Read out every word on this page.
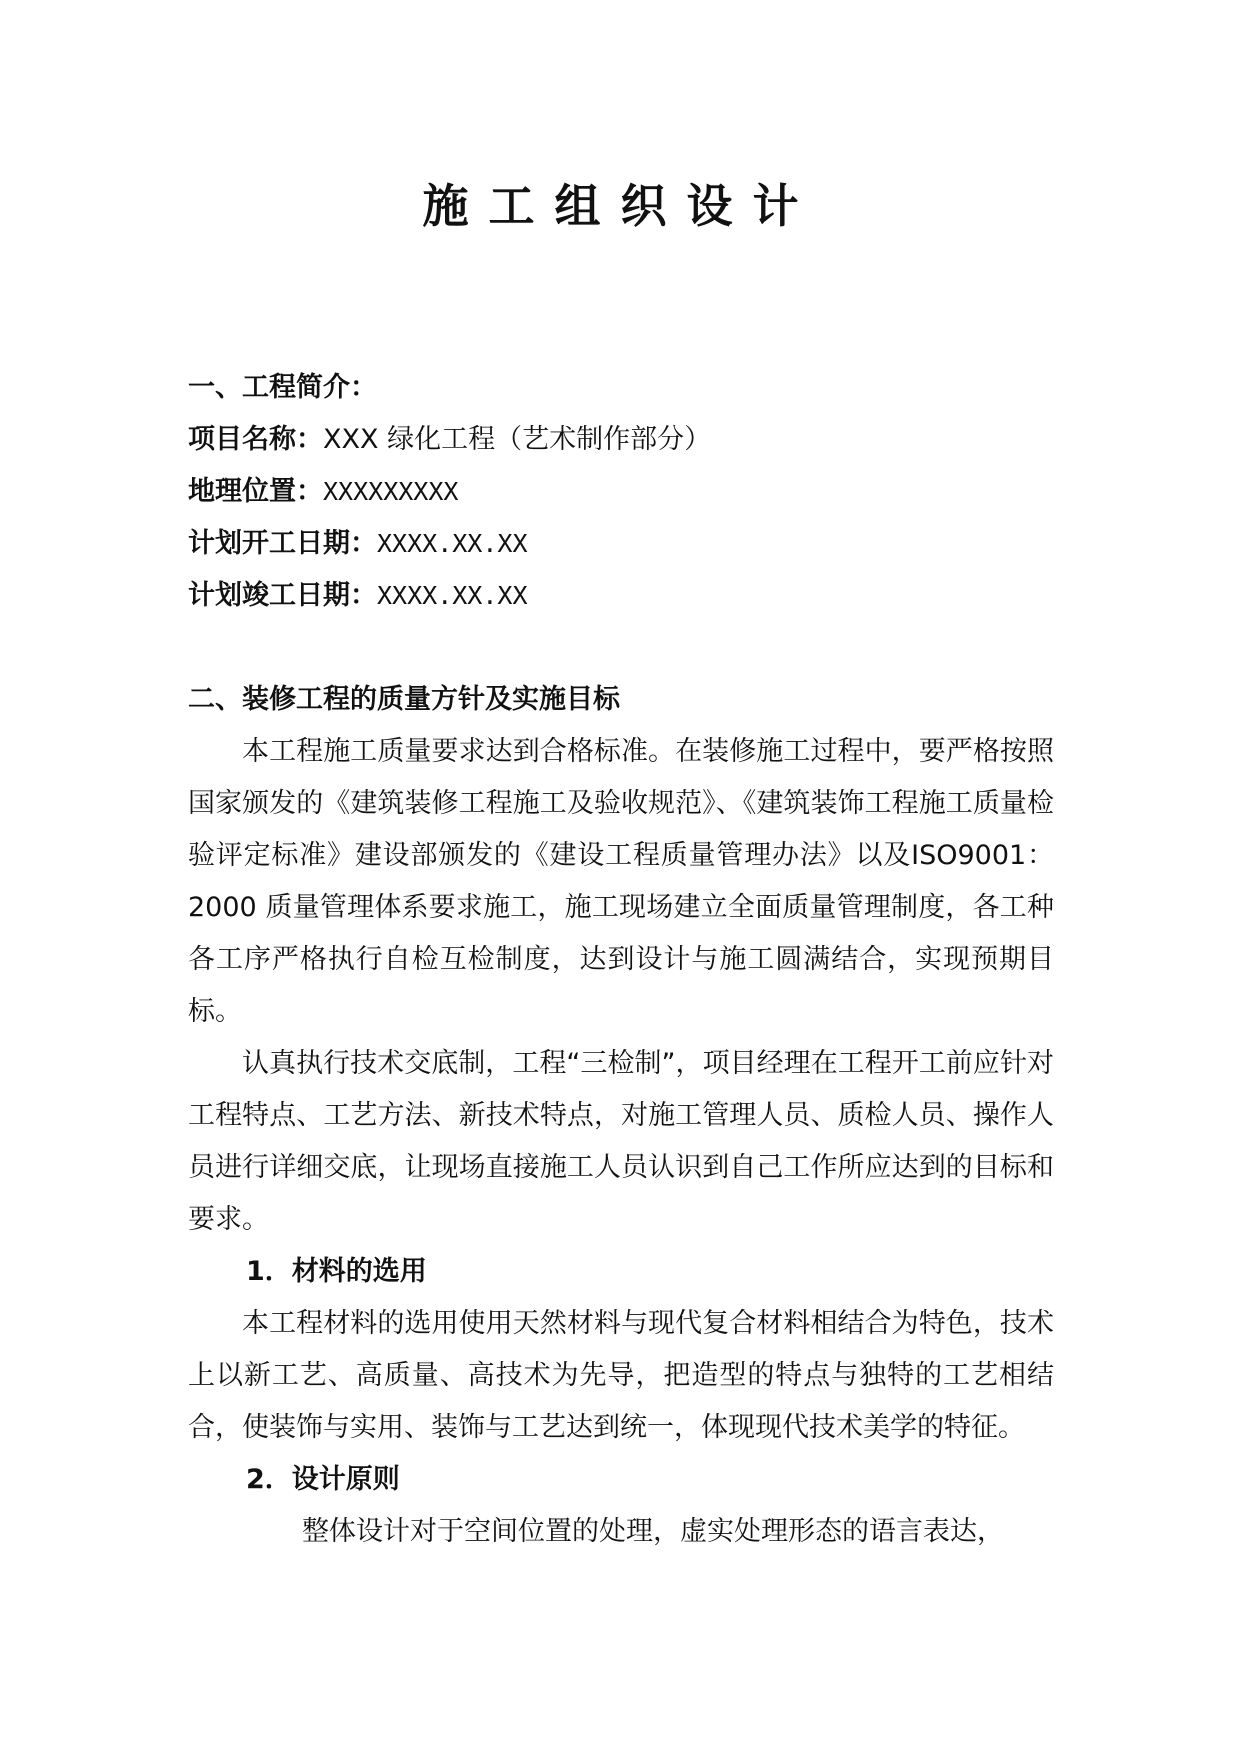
施工组织设计

一、工程简介：

项目名称：XXX 绿化工程（艺术制作部分）

地理位置：XXXXXXXXX

计划开工日期：XXXX.XX.XX

计划竣工日期：XXXX.XX.XX

二、装修工程的质量方针及实施目标

本工程施工质量要求达到合格标准。在装修施工过程中，要严格按照国家颁发的《建筑装修工程施工及验收规范》、《建筑装饰工程施工质量检验评定标准》建设部颁发的《建设工程质量管理办法》以及ISO9001：2000 质量管理体系要求施工，施工现场建立全面质量管理制度，各工种各工序严格执行自检互检制度，达到设计与施工圆满结合，实现预期目标。

认真执行技术交底制，工程“三检制”，项目经理在工程开工前应针对工程特点、工艺方法、新技术特点，对施工管理人员、质检人员、操作人员进行详细交底，让现场直接施工人员认识到自己工作所应达到的目标和要求。

1．材料的选用

本工程材料的选用使用天然材料与现代复合材料相结合为特色，技术上以新工艺、高质量、高技术为先导，把造型的特点与独特的工艺相结合，使装饰与实用、装饰与工艺达到统一，体现现代技术美学的特征。

2．设计原则

整体设计对于空间位置的处理，虚实处理形态的语言表达，
